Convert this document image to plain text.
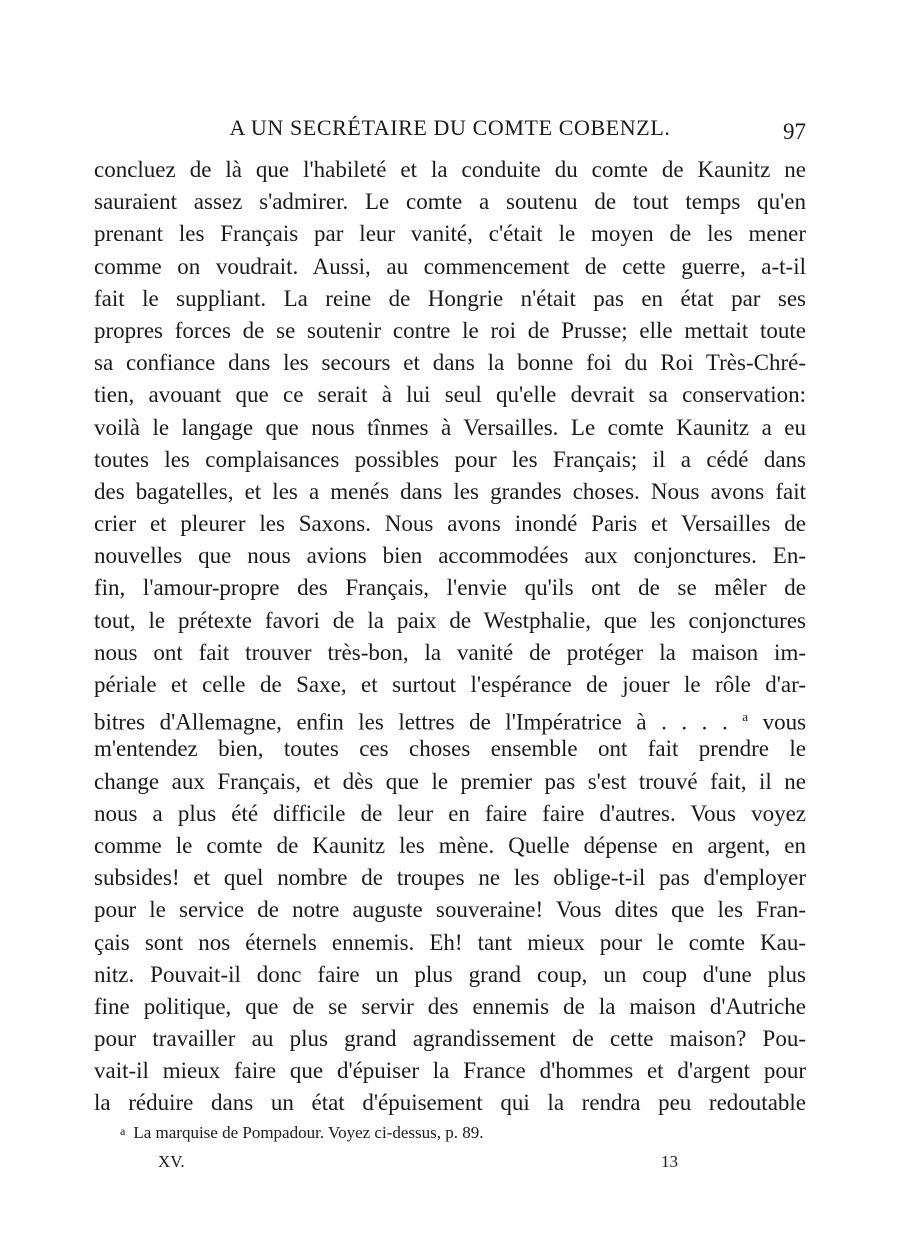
A UN SECRÉTAIRE DU COMTE COBENZL.	97
concluez de là que l'habileté et la conduite du comte de Kaunitz ne
sauraient assez s'admirer. Le comte a soutenu de tout temps qu'en
prenant les Français par leur vanité, c'était le moyen de les mener
comme on voudrait. Aussi, au commencement de cette guerre, a-t-il
fait le suppliant. La reine de Hongrie n'était pas en état par ses
propres forces de se soutenir contre le roi de Prusse; elle mettait toute
sa confiance dans les secours et dans la bonne foi du Roi Très-Chré-
tien, avouant que ce serait à lui seul qu'elle devrait sa conservation:
voilà le langage que nous tînmes à Versailles. Le comte Kaunitz a eu
toutes les complaisances possibles pour les Français; il a cédé dans
des bagatelles, et les a menés dans les grandes choses. Nous avons fait
crier et pleurer les Saxons. Nous avons inondé Paris et Versailles de
nouvelles que nous avions bien accommodées aux conjonctures. En-
fin, l'amour-propre des Français, l'envie qu'ils ont de se mêler de
tout, le prétexte favori de la paix de Westphalie, que les conjonctures
nous ont fait trouver très-bon, la vanité de protéger la maison im-
périale et celle de Saxe, et surtout l'espérance de jouer le rôle d'ar-
bitres d'Allemagne, enfin les lettres de l'Impératrice à . . . . $^a$ vous
m'entendez bien, toutes ces choses ensemble ont fait prendre le
change aux Français, et dès que le premier pas s'est trouvé fait, il ne
nous a plus été difficile de leur en faire faire d'autres. Vous voyez
comme le comte de Kaunitz les mène. Quelle dépense en argent, en
subsides! et quel nombre de troupes ne les oblige-t-il pas d'employer
pour le service de notre auguste souveraine! Vous dites que les Fran-
çais sont nos éternels ennemis. Eh! tant mieux pour le comte Kau-
nitz. Pouvait-il donc faire un plus grand coup, un coup d'une plus
fine politique, que de se servir des ennemis de la maison d'Autriche
pour travailler au plus grand agrandissement de cette maison? Pou-
vait-il mieux faire que d'épuiser la France d'hommes et d'argent pour
la réduire dans un état d'épuisement qui la rendra peu redoutable
a La marquise de Pompadour. Voyez ci-dessus, p. 89.
XV.	13
